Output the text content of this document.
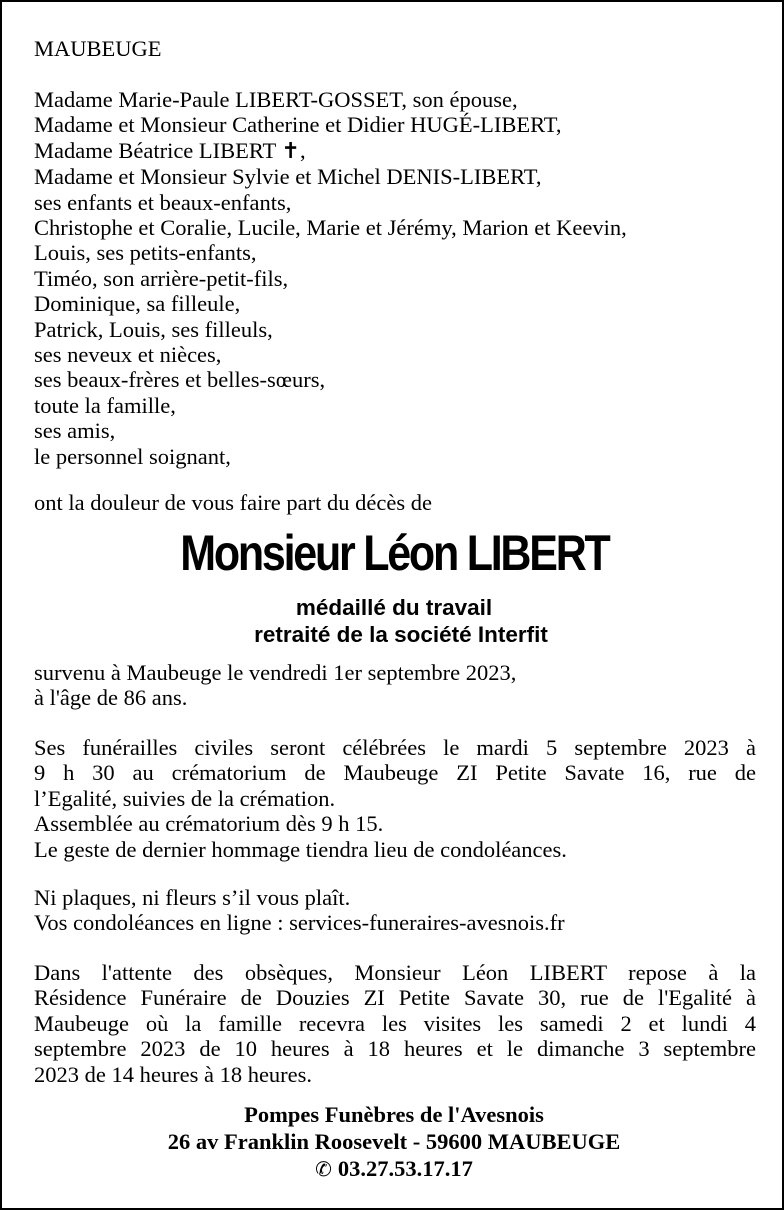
MAUBEUGE
Madame Marie-Paule LIBERT-GOSSET, son épouse,
Madame et Monsieur Catherine et Didier HUGÉ-LIBERT,
Madame Béatrice LIBERT ✝,
Madame et Monsieur Sylvie et Michel DENIS-LIBERT,
ses enfants et beaux-enfants,
Christophe et Coralie, Lucile, Marie et Jérémy, Marion et Keevin,
Louis, ses petits-enfants,
Timéo, son arrière-petit-fils,
Dominique, sa filleule,
Patrick, Louis, ses filleuls,
ses neveux et nièces,
ses beaux-frères et belles-sœurs,
toute la famille,
ses amis,
le personnel soignant,
ont la douleur de vous faire part du décès de
Monsieur Léon LIBERT
médaillé du travail
retraité de la société Interfit
survenu à Maubeuge le vendredi 1er septembre 2023,
à l'âge de 86 ans.
Ses funérailles civiles seront célébrées le mardi 5 septembre 2023 à
9 h 30 au crématorium de Maubeuge ZI Petite Savate 16, rue de
l’Egalité, suivies de la crémation.
Assemblée au crématorium dès 9 h 15.
Le geste de dernier hommage tiendra lieu de condoléances.
Ni plaques, ni fleurs s’il vous plaît.
Vos condoléances en ligne : services-funeraires-avesnois.fr
Dans l'attente des obsèques, Monsieur Léon LIBERT repose à la
Résidence Funéraire de Douzies ZI Petite Savate 30, rue de l'Egalité à
Maubeuge où la famille recevra les visites les samedi 2 et lundi 4
septembre 2023 de 10 heures à 18 heures et le dimanche 3 septembre
2023 de 14 heures à 18 heures.
Pompes Funèbres de l'Avesnois
26 av Franklin Roosevelt - 59600 MAUBEUGE
✆ 03.27.53.17.17
